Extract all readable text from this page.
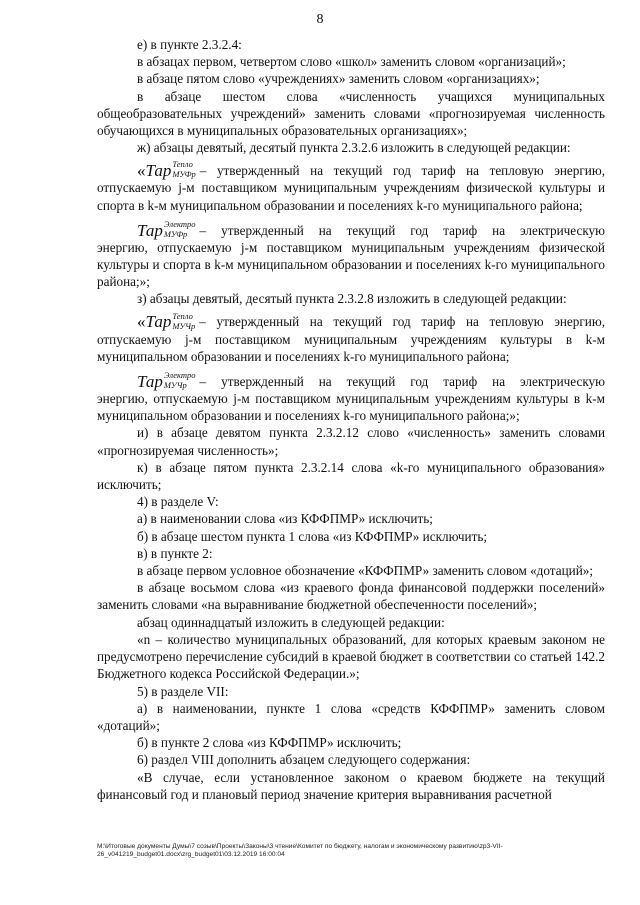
8

е) в пункте 2.3.2.4:

в абзацах первом, четвертом слово «школ» заменить словом «организаций»;

в абзаце пятом слово «учреждениях» заменить словом «организациях»;

в абзаце шестом слова «численность учащихся муниципальных общеобразовательных учреждений» заменить словами «прогнозируемая численность обучающихся в муниципальных образовательных организациях»;

ж) абзацы девятый, десятый пункта 2.3.2.6 изложить в следующей редакции:

« Тар Тепло
МУФр – утвержденный на текущий год тариф на тепловую энергию,

отпускаемую j-м поставщиком муниципальным учреждениям физической культуры и спорта в k-м муниципальном образовании и поселениях k-го муниципального района;

Тар Электро
МУФр – утвержденный на текущий год тариф на электрическую

энергию, отпускаемую j-м поставщиком муниципальным учреждениям физической культуры и спорта в k-м муниципальном образовании и поселениях k-го муниципального района;»;

з) абзацы девятый, десятый пункта 2.3.2.8 изложить в следующей редакции:

« Тар Тепло
МУЧр – утвержденный на текущий год тариф на тепловую энергию,

отпускаемую j-м поставщиком муниципальным учреждениям культуры в k-м муниципальном образовании и поселениях k-го муниципального района;

Тар Электро
МУЧр – утвержденный на текущий год тариф на электрическую

энергию, отпускаемую j-м поставщиком муниципальным учреждениям культуры в k-м муниципальном образовании и поселениях k-го муниципального района;»;

и) в абзаце девятом пункта 2.3.2.12 слово «численность» заменить словами «прогнозируемая численность»;

к) в абзаце пятом пункта 2.3.2.14 слова «k-го муниципального образования» исключить;

4) в разделе V:

а) в наименовании слова «из КФФПМР» исключить;

б) в абзаце шестом пункта 1 слова «из КФФПМР» исключить;

в) в пункте 2:

в абзаце первом условное обозначение «КФФПМР» заменить словом «дотаций»;

в абзаце восьмом слова «из краевого фонда финансовой поддержки поселений» заменить словами «на выравнивание бюджетной обеспеченности поселений»;

абзац одиннадцатый изложить в следующей редакции:

«n – количество муниципальных образований, для которых краевым законом не предусмотрено перечисление субсидий в краевой бюджет в соответствии со статьей 142.2 Бюджетного кодекса Российской Федерации.»;

5) в разделе VII:

а) в наименовании, пункте 1 слова «средств КФФПМР» заменить словом «дотаций»;

б) в пункте 2 слова «из КФФПМР» исключить;

6) раздел VIII дополнить абзацем следующего содержания:

«В случае, если установленное законом о краевом бюджете на текущий финансовый год и плановый период значение критерия выравнивания расчетной

М:\Итоговые документы Думы\7 созыв\Проекты\Законы\3 чтение\Комитет по бюджету, налогам и экономическому развитию\zp3-VII-26_v041219_budget01.docx\zrg_budget01\03.12.2019 16:00:04
